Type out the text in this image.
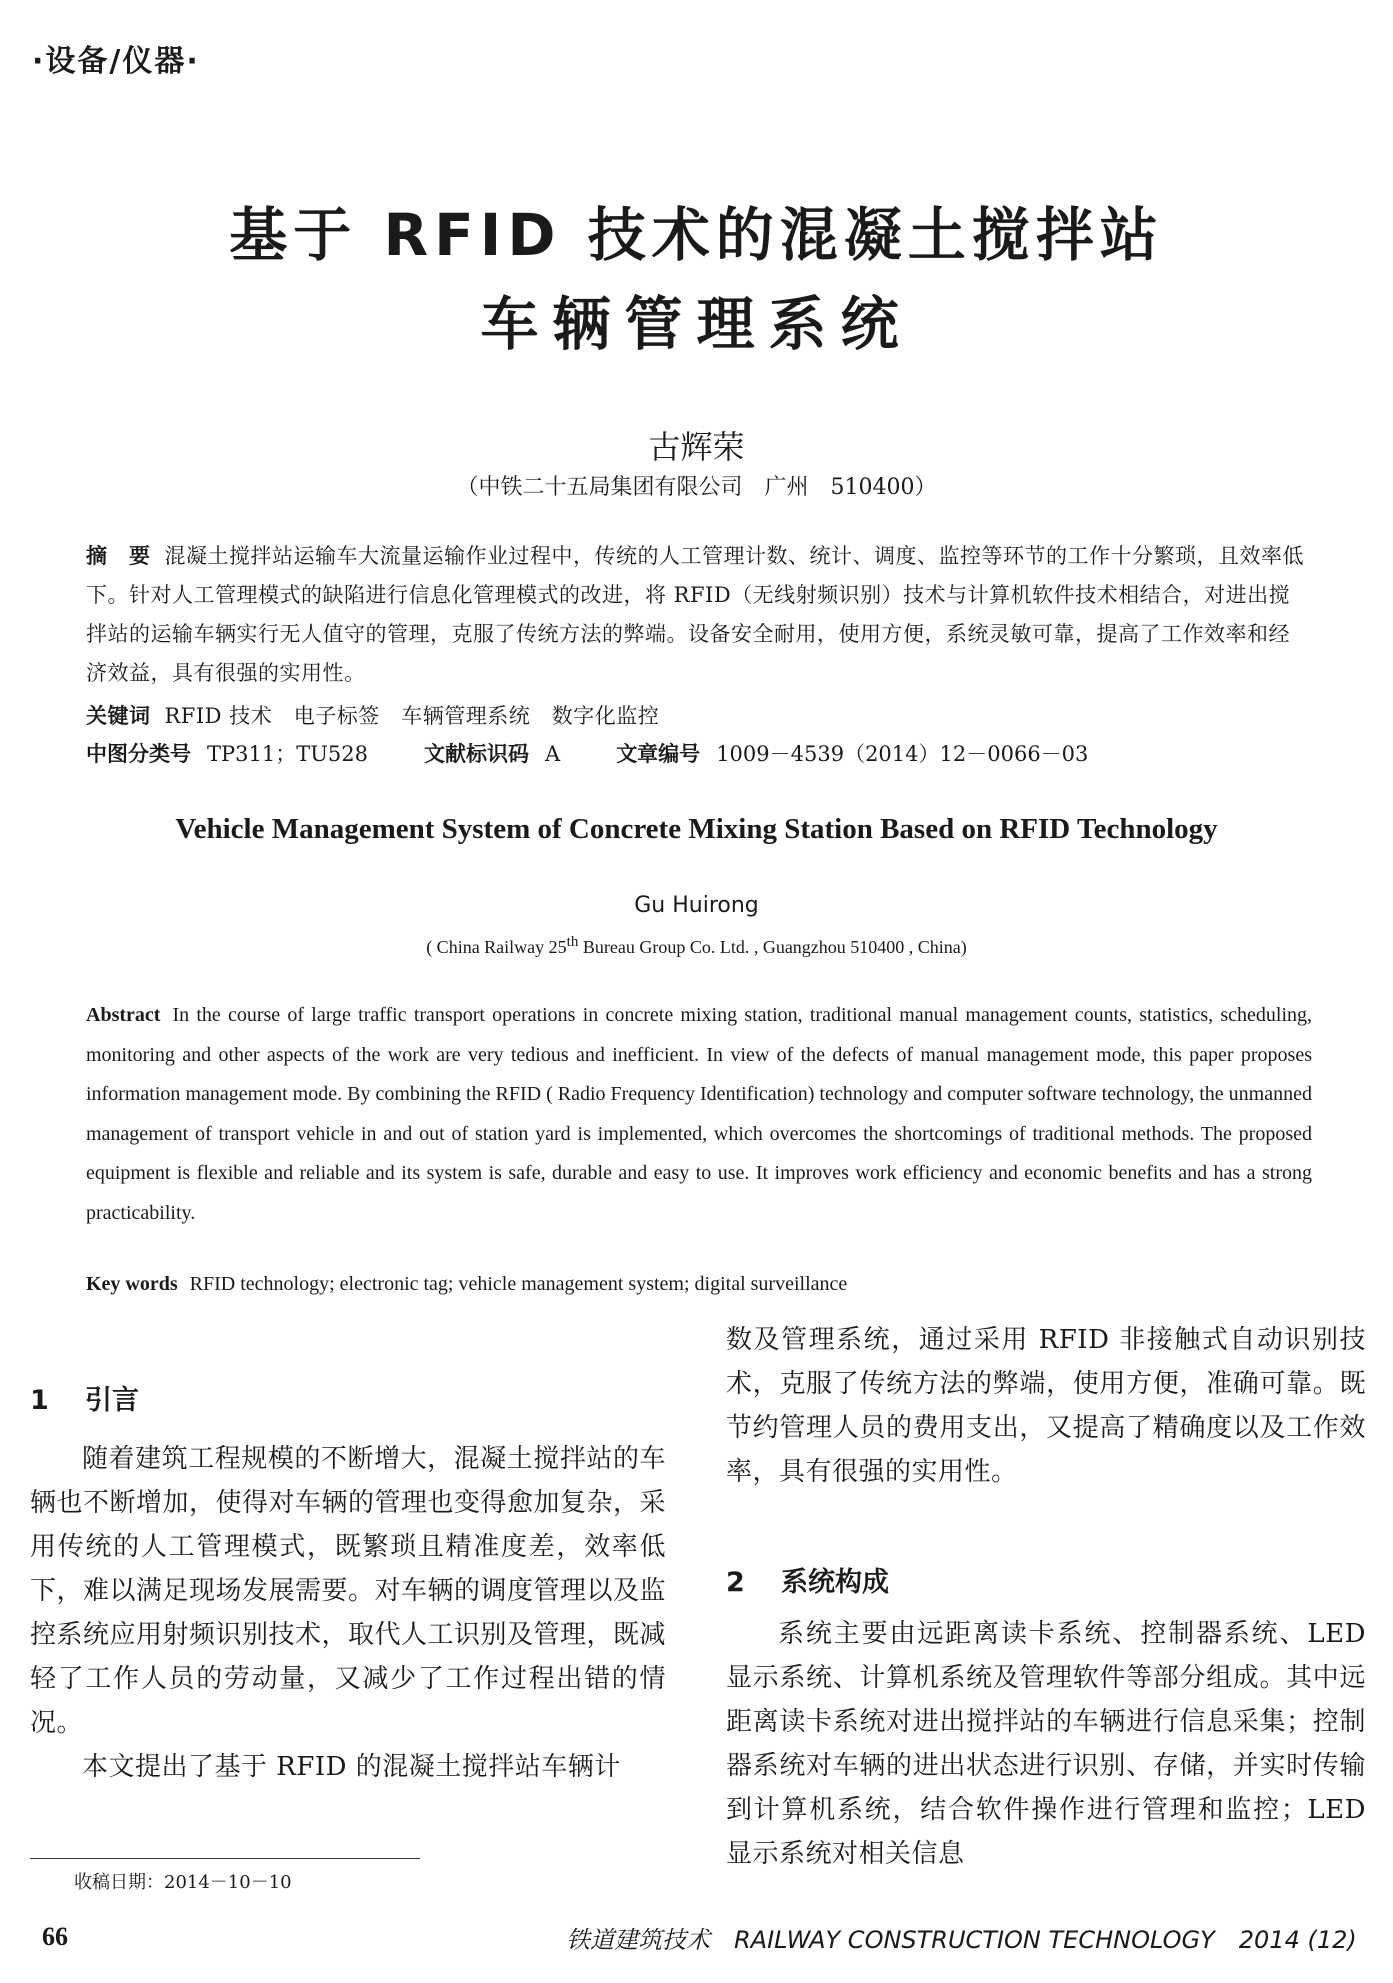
·设备/仪器·
基于 RFID 技术的混凝土搅拌站
车辆管理系统
古辉荣
（中铁二十五局集团有限公司　广州　510400）
摘　要 混凝土搅拌站运输车大流量运输作业过程中，传统的人工管理计数、统计、调度、监控等环节的工作十分繁琐，且效率低下。针对人工管理模式的缺陷进行信息化管理模式的改进，将 RFID（无线射频识别）技术与计算机软件技术相结合，对进出搅拌站的运输车辆实行无人值守的管理，克服了传统方法的弊端。设备安全耐用，使用方便，系统灵敏可靠，提高了工作效率和经济效益，具有很强的实用性。
关键词 RFID 技术　电子标签　车辆管理系统　数字化监控
中图分类号 TP311；TU528	文献标识码 A	文章编号 1009－4539（2014）12－0066－03
Vehicle Management System of Concrete Mixing Station Based on RFID Technology
Gu Huirong
( China Railway 25th Bureau Group Co. Ltd. , Guangzhou 510400 , China)
Abstract In the course of large traffic transport operations in concrete mixing station, traditional manual management counts, statistics, scheduling, monitoring and other aspects of the work are very tedious and inefficient. In view of the defects of manual management mode, this paper proposes information management mode. By combining the RFID ( Radio Frequency Identification) technology and computer software technology, the unmanned management of transport vehicle in and out of station yard is implemented, which overcomes the shortcomings of traditional methods. The proposed equipment is flexible and reliable and its system is safe, durable and easy to use. It improves work efficiency and economic benefits and has a strong practicability.
Key words RFID technology; electronic tag; vehicle management system; digital surveillance
1 引言
随着建筑工程规模的不断增大，混凝土搅拌站的车辆也不断增加，使得对车辆的管理也变得愈加复杂，采用传统的人工管理模式，既繁琐且精准度差，效率低下，难以满足现场发展需要。对车辆的调度管理以及监控系统应用射频识别技术，取代人工识别及管理，既减轻了工作人员的劳动量，又减少了工作过程出错的情况。
本文提出了基于 RFID 的混凝土搅拌站车辆计
数及管理系统，通过采用 RFID 非接触式自动识别技术，克服了传统方法的弊端，使用方便，准确可靠。既节约管理人员的费用支出，又提高了精确度以及工作效率，具有很强的实用性。
2 系统构成
系统主要由远距离读卡系统、控制器系统、LED 显示系统、计算机系统及管理软件等部分组成。其中远距离读卡系统对进出搅拌站的车辆进行信息采集；控制器系统对车辆的进出状态进行识别、存储，并实时传输到计算机系统，结合软件操作进行管理和监控；LED 显示系统对相关信息
收稿日期：2014－10－10
66	铁道建筑技术　RAILWAY CONSTRUCTION TECHNOLOGY　2014 (12)
